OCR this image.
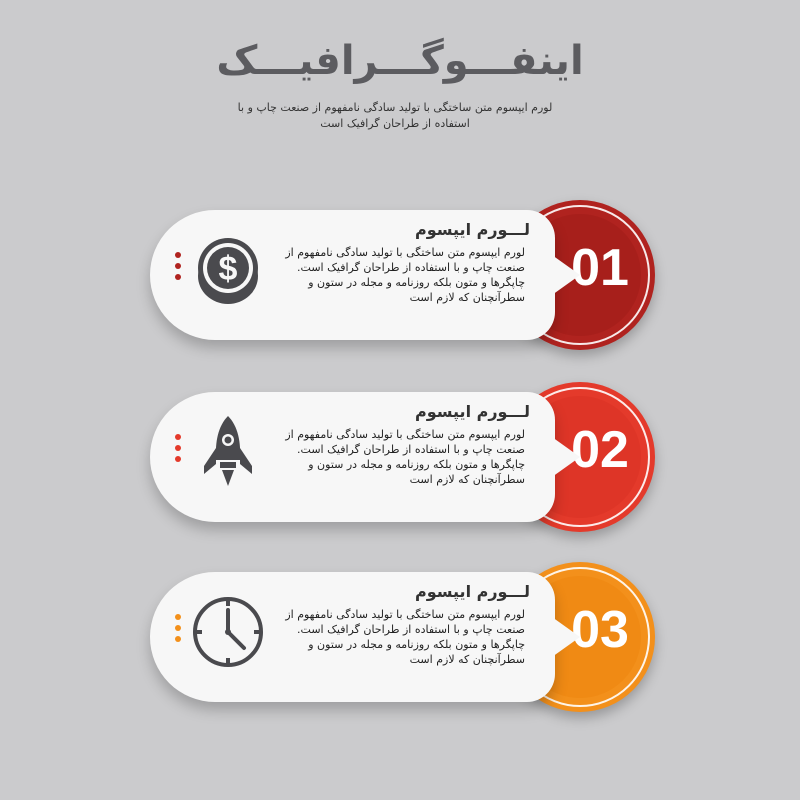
اینفـــوگـــرافیـــک
لورم ایپسوم متن ساختگی با تولید سادگی نامفهوم از صنعت چاپ و با استفاده از طراحان گرافیک است
01
لـــورم ایپسوم
لورم ایپسوم متن ساختگی با تولید سادگی نامفهوم از صنعت چاپ و با استفاده از طراحان گرافیک است. چاپگرها و متون بلکه روزنامه و مجله در ستون و سطرآنچنان که لازم است
$
02
لـــورم ایپسوم
لورم ایپسوم متن ساختگی با تولید سادگی نامفهوم از صنعت چاپ و با استفاده از طراحان گرافیک است. چاپگرها و متون بلکه روزنامه و مجله در ستون و سطرآنچنان که لازم است
03
لـــورم ایپسوم
لورم ایپسوم متن ساختگی با تولید سادگی نامفهوم از صنعت چاپ و با استفاده از طراحان گرافیک است. چاپگرها و متون بلکه روزنامه و مجله در ستون و سطرآنچنان که لازم است
